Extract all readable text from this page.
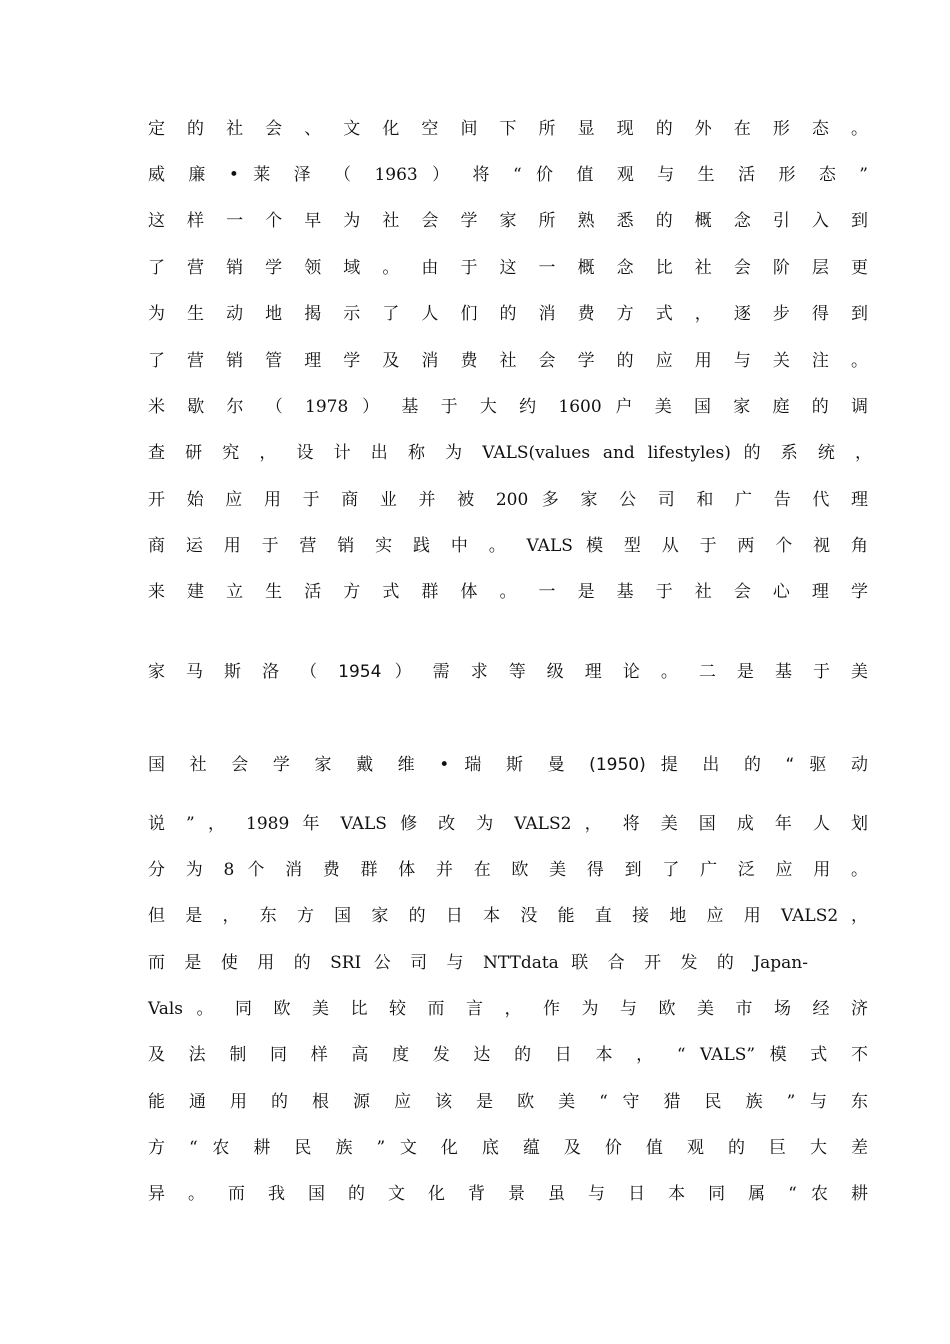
定 的 社 会 、 文 化 空 间 下 所 显 现 的 外 在 形 态 。
威 廉 • 莱 泽 （ 1963 ） 将 “ 价 值 观 与 生 活 形 态 ”
这 样 一 个 早 为 社 会 学 家 所 熟 悉 的 概 念 引 入 到
了 营 销 学 领 域 。 由 于 这 一 概 念 比 社 会 阶 层 更
为 生 动 地 揭 示 了 人 们 的 消 费 方 式 ， 逐 步 得 到
了 营 销 管 理 学 及 消 费 社 会 学 的 应 用 与 关 注 。
米 歇 尔 （ 1978 ） 基 于 大 约 1600 户 美 国 家 庭 的 调
查 研 究 ， 设 计 出 称 为 VALS(values and lifestyles) 的 系 统 ，
开 始 应 用 于 商 业 并 被 200 多 家 公 司 和 广 告 代 理
商 运 用 于 营 销 实 践 中 。 VALS 模 型 从 于 两 个 视 角
来 建 立 生 活 方 式 群 体 。 一 是 基 于 社 会 心 理 学
家 马 斯 洛 （ 1954 ） 需 求 等 级 理 论 。 二 是 基 于 美
国 社 会 学 家 戴 维 • 瑞 斯 曼 (1950) 提 出 的 “ 驱 动
说 ” ， 1989 年 VALS 修 改 为 VALS2 ， 将 美 国 成 年 人 划
分 为 8 个 消 费 群 体 并 在 欧 美 得 到 了 广 泛 应 用 。
但 是 ， 东 方 国 家 的 日 本 没 能 直 接 地 应 用 VALS2 ，
而 是 使 用 的 SRI 公 司 与 NTTdata 联 合 开 发 的 Japan-
Vals 。 同 欧 美 比 较 而 言 ， 作 为 与 欧 美 市 场 经 济
及 法 制 同 样 高 度 发 达 的 日 本 ， “ VALS” 模 式 不
能 通 用 的 根 源 应 该 是 欧 美 “ 守 猎 民 族 ” 与 东
方 “ 农 耕 民 族 ” 文 化 底 蕴 及 价 值 观 的 巨 大 差
异 。 而 我 国 的 文 化 背 景 虽 与 日 本 同 属 “ 农 耕
